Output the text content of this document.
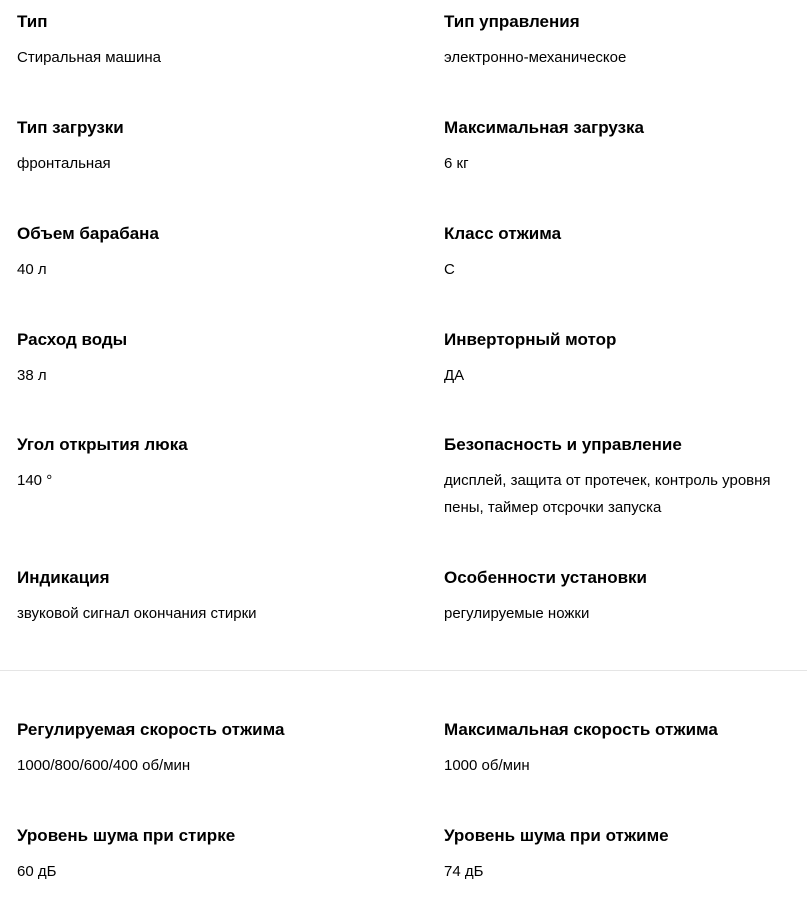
Тип
Стиральная машина
Тип управления
электронно-механическое
Тип загрузки
фронтальная
Максимальная загрузка
6 кг
Объем барабана
40 л
Класс отжима
C
Расход воды
38 л
Инверторный мотор
ДА
Угол открытия люка
140 °
Безопасность и управление
дисплей, защита от протечек, контроль уровня пены, таймер отсрочки запуска
Индикация
звуковой сигнал окончания стирки
Особенности установки
регулируемые ножки
Регулируемая скорость отжима
1000/800/600/400 об/мин
Максимальная скорость отжима
1000 об/мин
Уровень шума при стирке
60 дБ
Уровень шума при отжиме
74 дБ
